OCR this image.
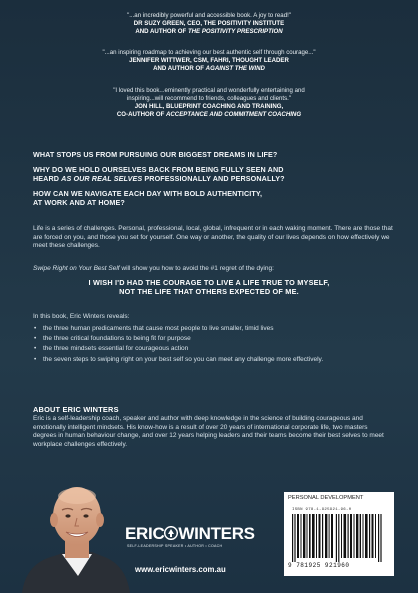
"...an incredibly powerful and accessible book. A joy to read!"
DR SUZY GREEN, CEO, THE POSITIVITY INSTITUTE
AND AUTHOR OF THE POSITIVITY PRESCRIPTION
"...an inspiring roadmap to achieving our best authentic self through courage..."
JENNIFER WITTWER, CSM, FAHRI, THOUGHT LEADER
AND AUTHOR OF AGAINST THE WIND
"I loved this book...eminently practical and wonderfully entertaining and
inspiring...will recommend to friends, colleagues and clients."
JON HILL, BLUEPRINT COACHING AND TRAINING,
CO-AUTHOR OF ACCEPTANCE AND COMMITMENT COACHING
WHAT STOPS US FROM PURSUING OUR BIGGEST DREAMS IN LIFE?
WHY DO WE HOLD OURSELVES BACK FROM BEING FULLY SEEN AND
HEARD AS OUR REAL SELVES PROFESSIONALLY AND PERSONALLY?
HOW CAN WE NAVIGATE EACH DAY WITH BOLD AUTHENTICITY,
AT WORK AND AT HOME?
Life is a series of challenges. Personal, professional, local, global, infrequent or in each waking moment. There are those that are forced on you, and those you set for yourself. One way or another, the quality of our lives depends on how effectively we meet these challenges.
Swipe Right on Your Best Self will show you how to avoid the #1 regret of the dying:
I WISH I'D HAD THE COURAGE TO LIVE A LIFE TRUE TO MYSELF,
NOT THE LIFE THAT OTHERS EXPECTED OF ME.
In this book, Eric Winters reveals:
• the three human predicaments that cause most people to live smaller, timid lives
• the three critical foundations to being fit for purpose
• the three mindsets essential for courageous action
• the seven steps to swiping right on your best self so you can meet any challenge more effectively.
ABOUT ERIC WINTERS
Eric is a self-leadership coach, speaker and author with deep knowledge in the science of building courageous and emotionally intelligent mindsets. His know-how is a result of over 20 years of international corporate life, two masters degrees in human behaviour change, and over 12 years helping leaders and their teams become their best selves to meet workplace challenges effectively.
ERIC WINTERS
SELF-LEADERSHIP SPEAKER • AUTHOR • COACH
www.ericwinters.com.au
PERSONAL DEVELOPMENT
ISBN 978-1-925921-96-0
9 781925 921960
